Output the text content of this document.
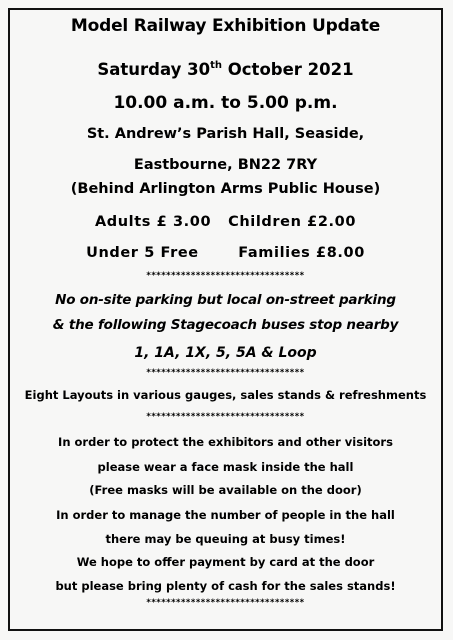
Model Railway Exhibition Update
Saturday 30th October 2021
10.00 a.m. to 5.00 p.m.
St. Andrew’s Parish Hall, Seaside,
Eastbourne, BN22 7RY
(Behind Arlington Arms Public House)
Adults £ 3.00   Children £2.00
Under 5 Free       Families £8.00
********************************
No on-site parking but local on-street parking
& the following Stagecoach buses stop nearby
1, 1A, 1X, 5, 5A & Loop
********************************
Eight Layouts in various gauges, sales stands & refreshments
********************************
In order to protect the exhibitors and other visitors
please wear a face mask inside the hall
(Free masks will be available on the door)
In order to manage the number of people in the hall
there may be queuing at busy times!
We hope to offer payment by card at the door
but please bring plenty of cash for the sales stands!
********************************
